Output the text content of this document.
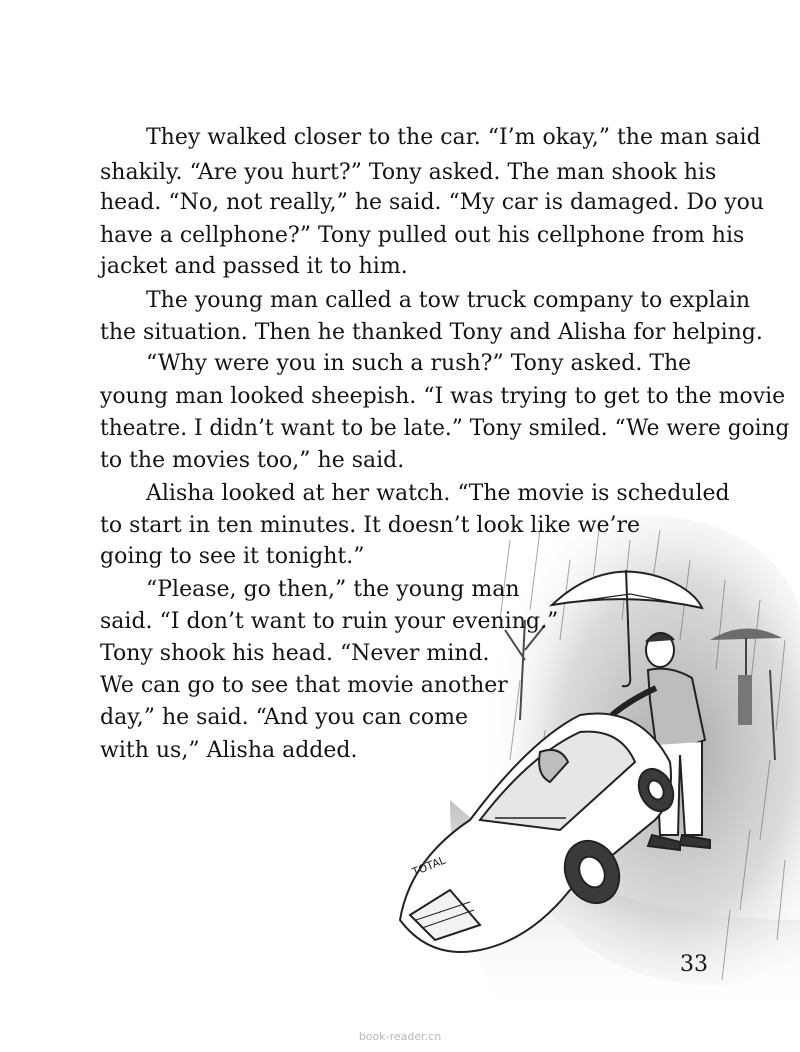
TOTAL

They walked closer to the car. “I’m okay,” the man said

shakily. “Are you hurt?” Tony asked. The man shook his

head. “No, not really,” he said. “My car is damaged. Do you

have a cellphone?” Tony pulled out his cellphone from his

jacket and passed it to him.

The young man called a tow truck company to explain

the situation. Then he thanked Tony and Alisha for helping.

“Why were you in such a rush?” Tony asked. The

young man looked sheepish. “I was trying to get to the movie

theatre. I didn’t want to be late.” Tony smiled. “We were going

to the movies too,” he said.

Alisha looked at her watch. “The movie is scheduled

to start in ten minutes. It doesn’t look like we’re

going to see it tonight.”

“Please, go then,” the young man

said. “I don’t want to ruin your evening.”

Tony shook his head. “Never mind.

We can go to see that movie another

day,” he said. “And you can come

with us,” Alisha added.

33
book-reader.cn
